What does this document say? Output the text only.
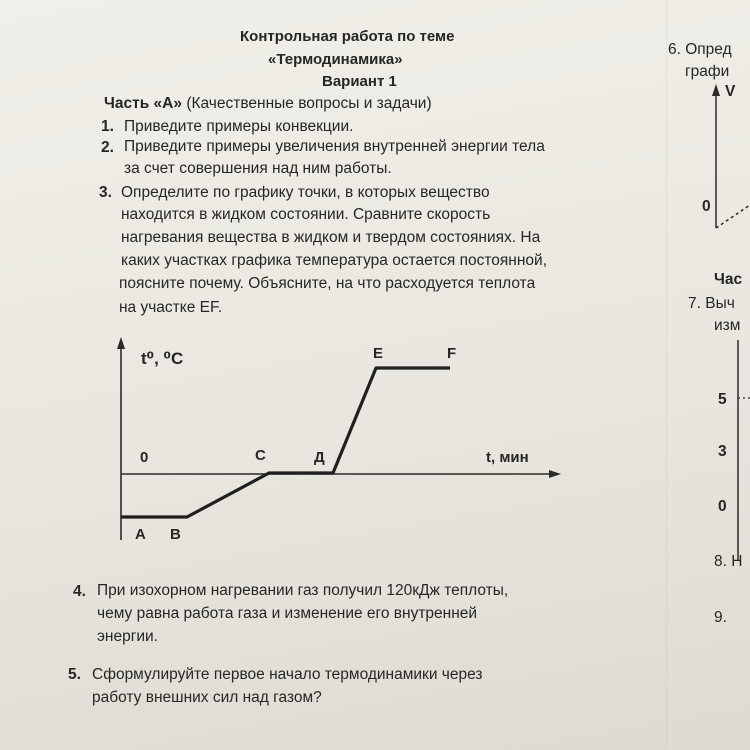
Контрольная работа по теме
«Термодинамика»
Вариант 1
Часть «А» (Качественные вопросы и задачи)
1. Приведите примеры конвекции.
2. Приведите примеры увеличения внутренней энергии тела
за счет совершения над ним работы.
3. Определите по графику точки, в которых вещество
находится в жидком состоянии. Сравните скорость
нагревания вещества в жидком и твердом состояниях. На
каких участках графика температура остается постоянной,
поясните почему. Объясните, на что расходуется теплота
на участке EF.
t⁰, ⁰C
t, мин
0
A B
C	Д
E	F
4. При изохорном нагревании газ получил 120кДж теплоты,
чему равна работа газа и изменение его внутренней
энергии.
5. Сформулируйте первое начало термодинамики через
работу внешних сил над газом?
6. Опред
графи
V
0
Час
7. Выч
изм
5
3
0
8. Н
9.
